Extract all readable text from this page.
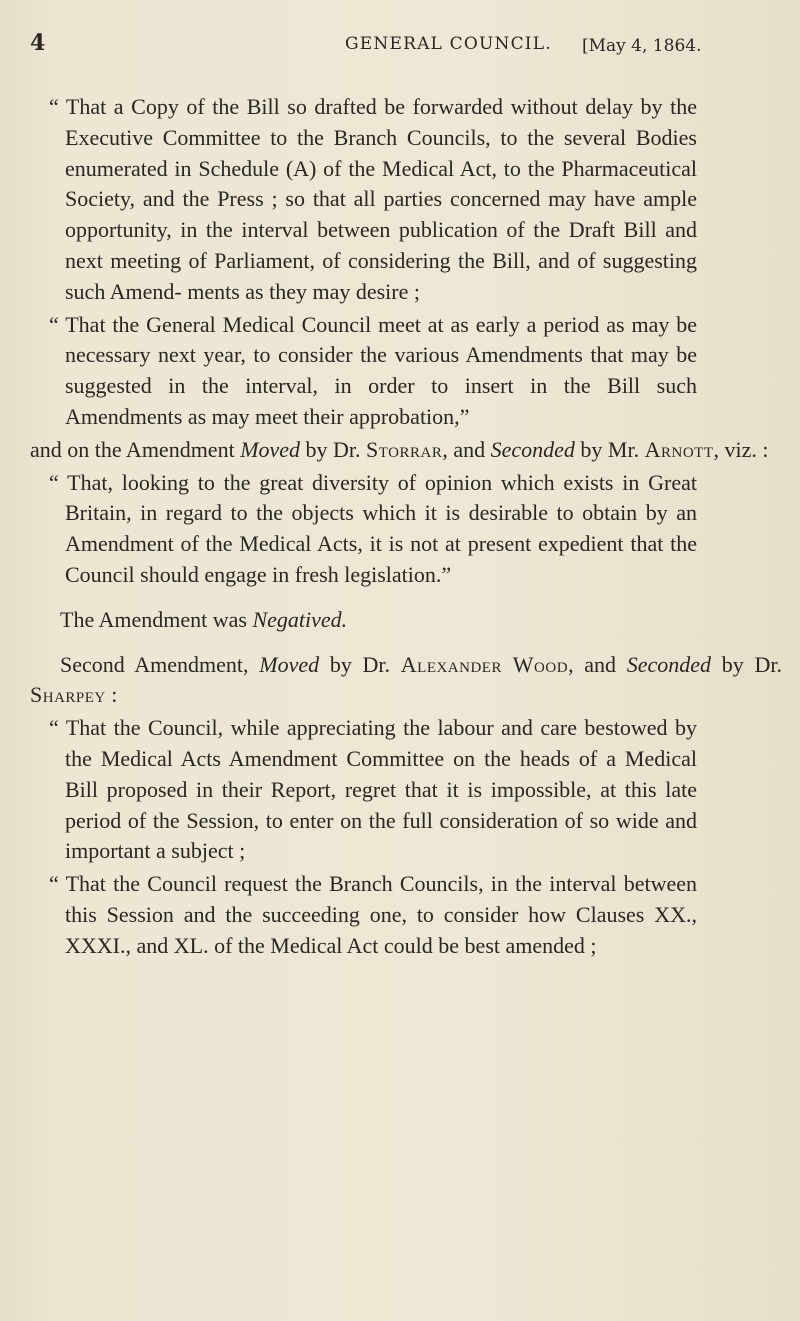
4	GENERAL COUNCIL. [May 4, 1864.

“ That a Copy of the Bill so drafted be forwarded without delay by the Executive Committee to the Branch Councils, to the several Bodies enumerated in Schedule (A) of the Medical Act, to the Pharmaceutical Society, and the Press ; so that all parties concerned may have ample opportunity, in the interval between publication of the Draft Bill and next meeting of Parliament, of considering the Bill, and of suggesting such Amend- ments as they may desire ;

“ That the General Medical Council meet at as early a period as may be necessary next year, to consider the various Amendments that may be suggested in the interval, in order to insert in the Bill such Amendments as may meet their approbation,”

and on the Amendment Moved by Dr. Storrar, and Seconded by Mr. Arnott, viz. :

“ That, looking to the great diversity of opinion which exists in Great Britain, in regard to the objects which it is desirable to obtain by an Amendment of the Medical Acts, it is not at present expedient that the Council should engage in fresh legislation.”

The Amendment was Negatived.

Second Amendment, Moved by Dr. Alexander Wood, and Seconded by Dr. Sharpey :

“ That the Council, while appreciating the labour and care bestowed by the Medical Acts Amendment Committee on the heads of a Medical Bill proposed in their Report, regret that it is impossible, at this late period of the Session, to enter on the full consideration of so wide and important a subject ;

“ That the Council request the Branch Councils, in the interval between this Session and the succeeding one, to consider how Clauses XX., XXXI., and XL. of the Medical Act could be best amended ;
